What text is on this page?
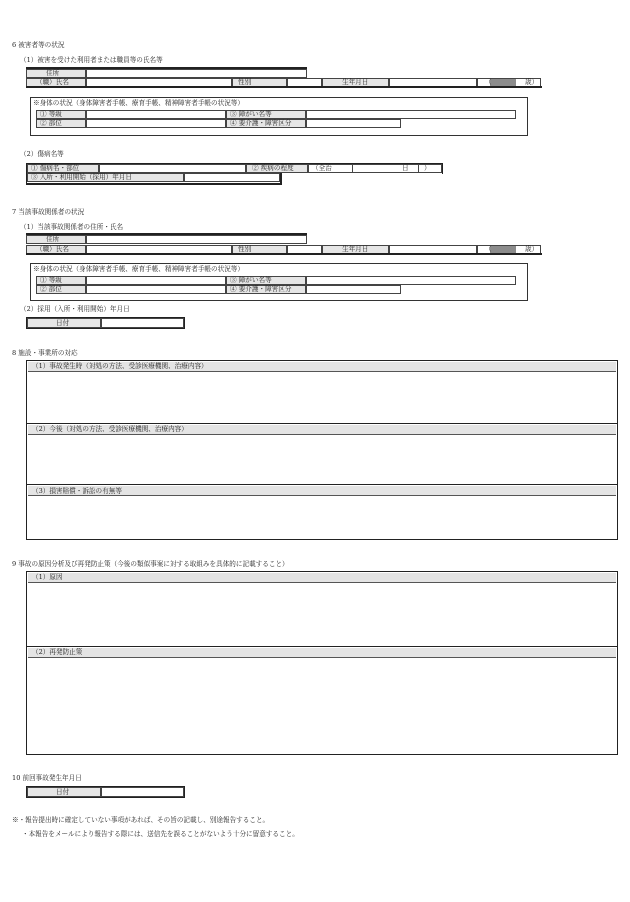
6 被害者等の状況
（1）被害を受けた利用者または職員等の氏名等
住所
（職）氏名	性別	生年月日	（	歳）
※身体の状況（身体障害者手帳、療育手帳、精神障害者手帳の状況等）
① 等級	③ 障がい名等
② 部位	④ 要介護・障害区分
（2）傷病名等
① 傷病名・部位	② 疾病の程度	（全治	日 ）
③ 入所・利用開始（採用）年月日
7 当該事故関係者の状況
（1）当該事故関係者の住所・氏名
住所
（職）氏名	性別	生年月日	（	歳）
※身体の状況（身体障害者手帳、療育手帳、精神障害者手帳の状況等）
① 等級	③ 障がい名等
② 部位	④ 要介護・障害区分
（2）採用（入所・利用開始）年月日
日付
8 施設・事業所の対応
（1）事故発生時（対処の方法、受診医療機関、治療内容）
（2）今後（対処の方法、受診医療機関、治療内容）
（3）損害賠償・訴訟の有無等
9 事故の原因分析及び再発防止策（今後の類似事案に対する取組みを具体的に記載すること）
（1）原因
（2）再発防止策
10 前回事故発生年月日
日付
※・報告提出時に確定していない事項があれば、その旨の記載し、別途報告すること。
・本報告をメールにより報告する際には、送信先を誤ることがないよう十分に留意すること。
